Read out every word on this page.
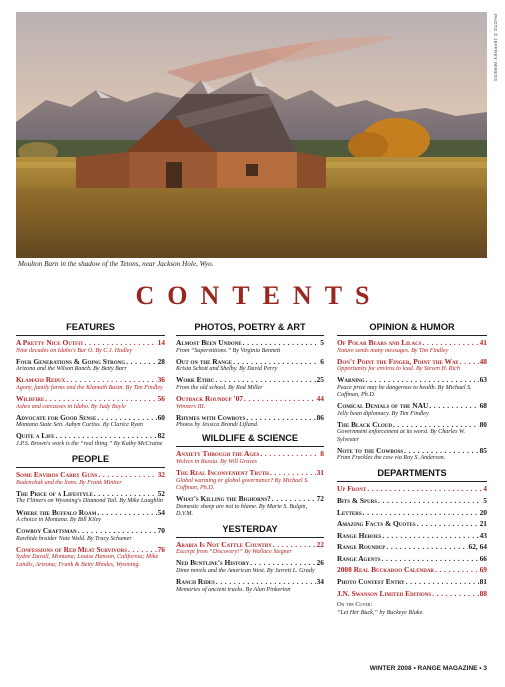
PHOTO © JEFFREY WIRESS
Moulton Barn in the shadow of the Tetons, near Jackson Hole, Wyo.
CONTENTS
FEATURES
A Pretty Nice Outfit . . .	14
Nine decades on Idaho's Bar O. By C.J. Hadley
Four Generations & Going Strong . . .	28
Arizona and the Wilson Ranch. By Betty Barr
Klamath Redux . . .	36
Agony, family farms and the Klamath Basin. By Tim Findley
Wildfire . . .	56
Ashes and carcasses in Idaho. By Judy Boyle
Advocate for Good Sense . . .	60
Montana State Sen. Aubyn Curtiss. By Clarice Ryan
Quite a Life . . .	82
J.P.S. Brown's work is the “real thing.” By Kathy McCraine
PEOPLE
Some Enviros Carry Guns . . .	32
Bodenchuk and the lions. By Frank Miniter
The Price of a Lifestyle . . .	52
The Flitners on Wyoming's Diamond Tail. By Mike Laughlin
Where the Buffalo Roam . . .	54
A choice in Montana. By Bill Kiley
Cowboy Craftsman . . .	70
Rawhide braider Nate Wald. By Tracy Schumer
Confessions of Red Meat Survivors . . .	76
Sydne Duvall, Montana; Louise Hanson, California; Mike Landis, Arizona; Frank & Betty Rhodes, Wyoming.
PHOTOS, POETRY & ART
Almost Been Undone . . .	5
From “Superstitions.” By Virginia Bennett
Out on the Range . . .	6
Krista Schott and Shelby. By David Perry
Work Ethic . . .	25
From the old school. By Rod Miller
Outback Roundup '07 . . .	44
Winners III.
Rhymes with Cowboys . . .	86
Photos by Jessica Brandi Lifland.
WILDLIFE & SCIENCE
Anxiety Through the Ages . . .	8
Wolves in Russia. By Will Graves
The Real Inconvenient Truth . . .	31
Global warming or global governance? By Michael S. Coffman, Ph.D.
What's Killing the Bighorns? . . .	72
Domestic sheep are not to blame. By Marie S. Bulgin, D.V.M.
YESTERDAY
Arabia Is Not Cattle Country . . .	22
Excerpt from “Discovery!” By Wallace Stegner
Ned Buntline's History . . .	26
Dime novels and the American West. By Jarrett L. Grady
Ranch Rides . . .	34
Memories of ancient trucks. By Alan Pinkerton
OPINION & HUMOR
Of Polar Bears and Lilacs . . .	41
Nature sends many messages. By Tim Findley
Don't Point the Finger, Point the Way . . .	48
Opportunity for enviros to lead. By Steven H. Rich
Warning . . .	63
Peace prize may be dangerous to health. By Michael S. Coffman, Ph.D.
Comical Denials of the NAU . . .	68
Jelly bean diplomacy. By Tim Findley
The Black Cloud . . .	80
Government enforcement at its worst. By Charles W. Sylvester
Note to the Cowboss . . .	85
From Freckles the cow via Roy S. Anderson.
DEPARTMENTS
Up Front . . .	4
Bits & Spurs . . .	5
Letters . . .	20
Amazing Facts & Quotes . . .	21
Range Heroes . . .	43
Range Roundup . . .	62, 64
Range Agents . . .	66
2008 Real Buckaroo Calendar . . .	69
Photo Contest Entry . . .	81
J.N. Swanson Limited Editions . . .	88
On the Cover:
“Let Her Buck,” by Buckeye Blake.
WINTER 2008 • RANGE MAGAZINE • 3
